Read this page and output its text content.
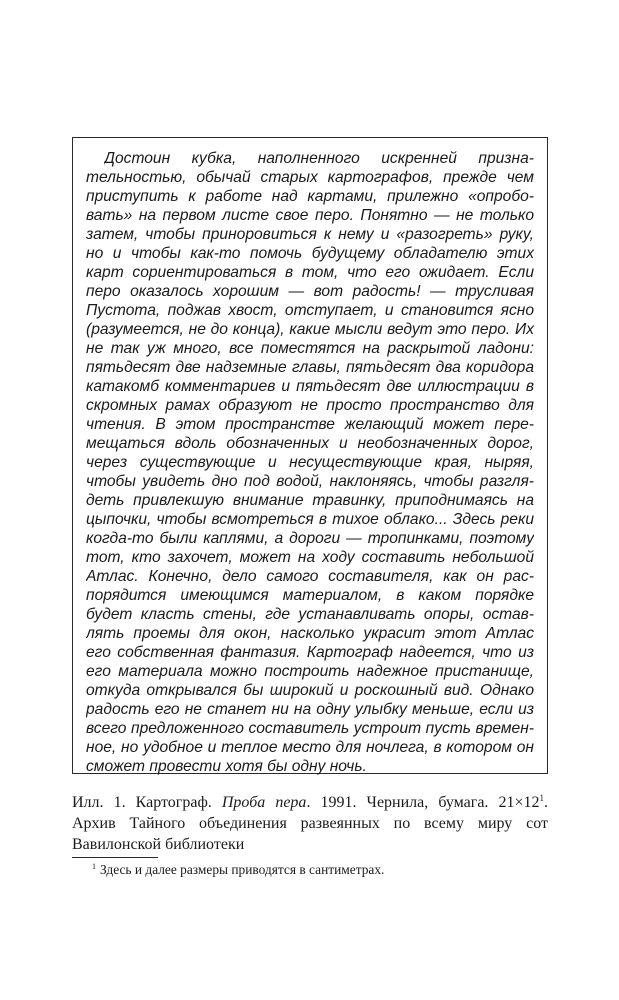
Достоин кубка, наполненного искренней призна-
тельностью, обычай старых картографов, прежде чем
приступить к работе над картами, прилежно «опробо-
вать» на первом листе свое перо. Понятно — не только
затем, чтобы приноровиться к нему и «разогреть» руку,
но и чтобы как-то помочь будущему обладателю этих
карт сориентироваться в том, что его ожидает. Если
перо оказалось хорошим — вот радость! — трусливая
Пустота, поджав хвост, отступает, и становится ясно
(разумеется, не до конца), какие мысли ведут это перо. Их
не так уж много, все поместятся на раскрытой ладони:
пятьдесят две надземные главы, пятьдесят два коридора
катакомб комментариев и пятьдесят две иллюстрации в
скромных рамах образуют не просто пространство для
чтения. В этом пространстве желающий может пере-
мещаться вдоль обозначенных и необозначенных дорог,
через существующие и несуществующие края, ныряя,
чтобы увидеть дно под водой, наклоняясь, чтобы разгля-
деть привлекшую внимание травинку, приподнимаясь на
цыпочки, чтобы всмотреться в тихое облако... Здесь реки
когда-то были каплями, а дороги — тропинками, поэтому
тот, кто захочет, может на ходу составить небольшой
Атлас. Конечно, дело самого составителя, как он рас-
порядится имеющимся материалом, в каком порядке
будет класть стены, где устанавливать опоры, остав-
лять проемы для окон, насколько украсит этот Атлас
его собственная фантазия. Картограф надеется, что из
его материала можно построить надежное пристанище,
откуда открывался бы широкий и роскошный вид. Однако
радость его не станет ни на одну улыбку меньше, если из
всего предложенного составитель устроит пусть времен-
ное, но удобное и теплое место для ночлега, в котором он
сможет провести хотя бы одну ночь.
Илл. 1. Картограф. Проба пера. 1991. Чернила, бумага. $21\times 12^1$.
Архив Тайного объединения развеянных по всему миру сот
Вавилонской библиотеки
$^1$ Здесь и далее размеры приводятся в сантиметрах.
